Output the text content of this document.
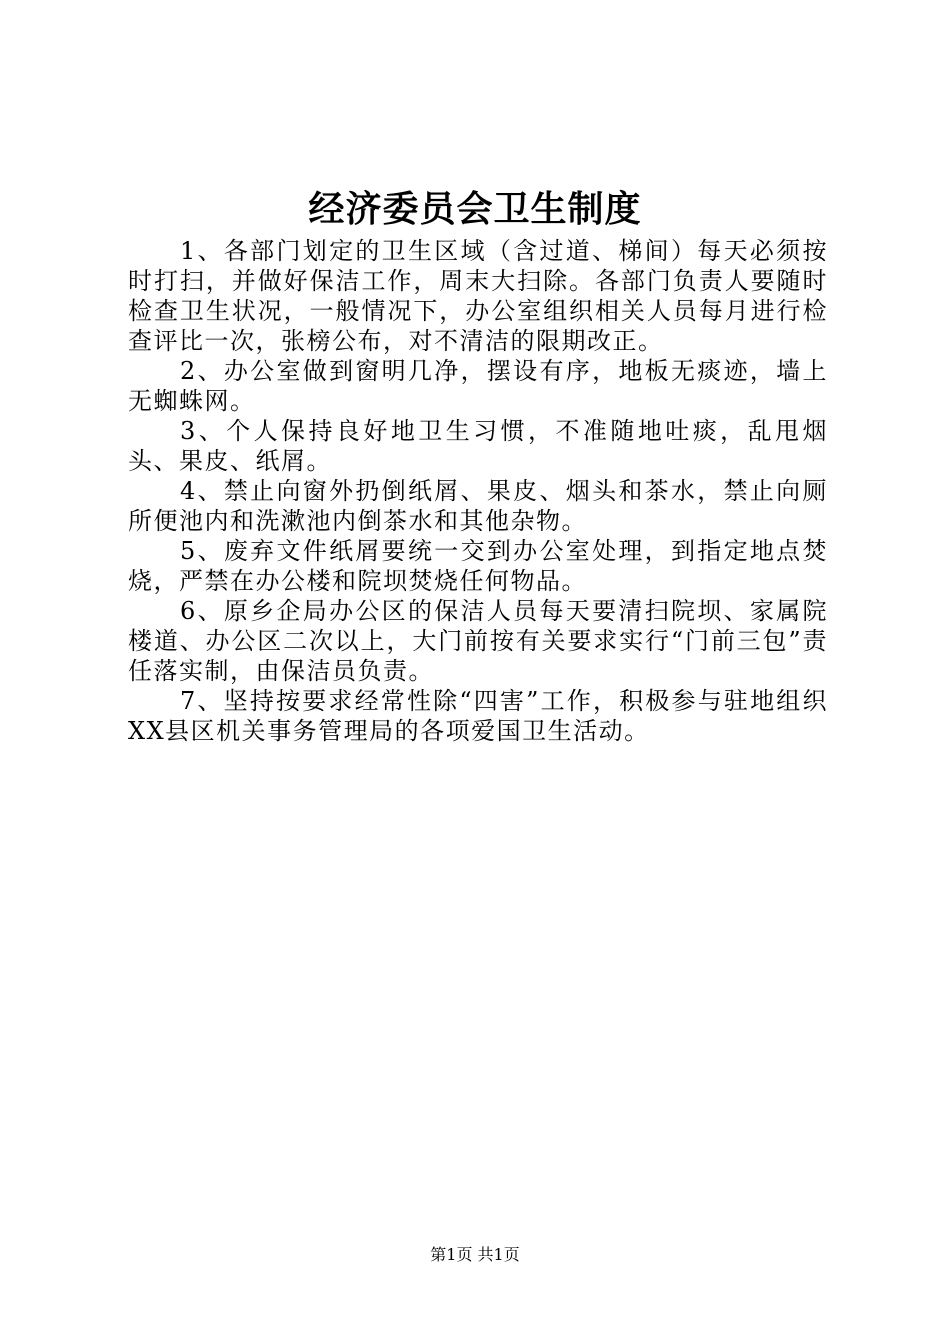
经济委员会卫生制度

1、各部门划定的卫生区域（含过道、梯间）每天必须按时打扫，并做好保洁工作，周末大扫除。各部门负责人要随时检查卫生状况，一般情况下，办公室组织相关人员每月进行检查评比一次，张榜公布，对不清洁的限期改正。

2、办公室做到窗明几净，摆设有序，地板无痰迹，墙上无蜘蛛网。

3、个人保持良好地卫生习惯，不准随地吐痰，乱甩烟头、果皮、纸屑。

4、禁止向窗外扔倒纸屑、果皮、烟头和茶水，禁止向厕所便池内和洗漱池内倒茶水和其他杂物。

5、废弃文件纸屑要统一交到办公室处理，到指定地点焚烧，严禁在办公楼和院坝焚烧任何物品。

6、原乡企局办公区的保洁人员每天要清扫院坝、家属院楼道、办公区二次以上，大门前按有关要求实行“门前三包”责任落实制，由保洁员负责。

7、坚持按要求经常性除“四害”工作，积极参与驻地组织XX县区机关事务管理局的各项爱国卫生活动。

第1页 共1页
